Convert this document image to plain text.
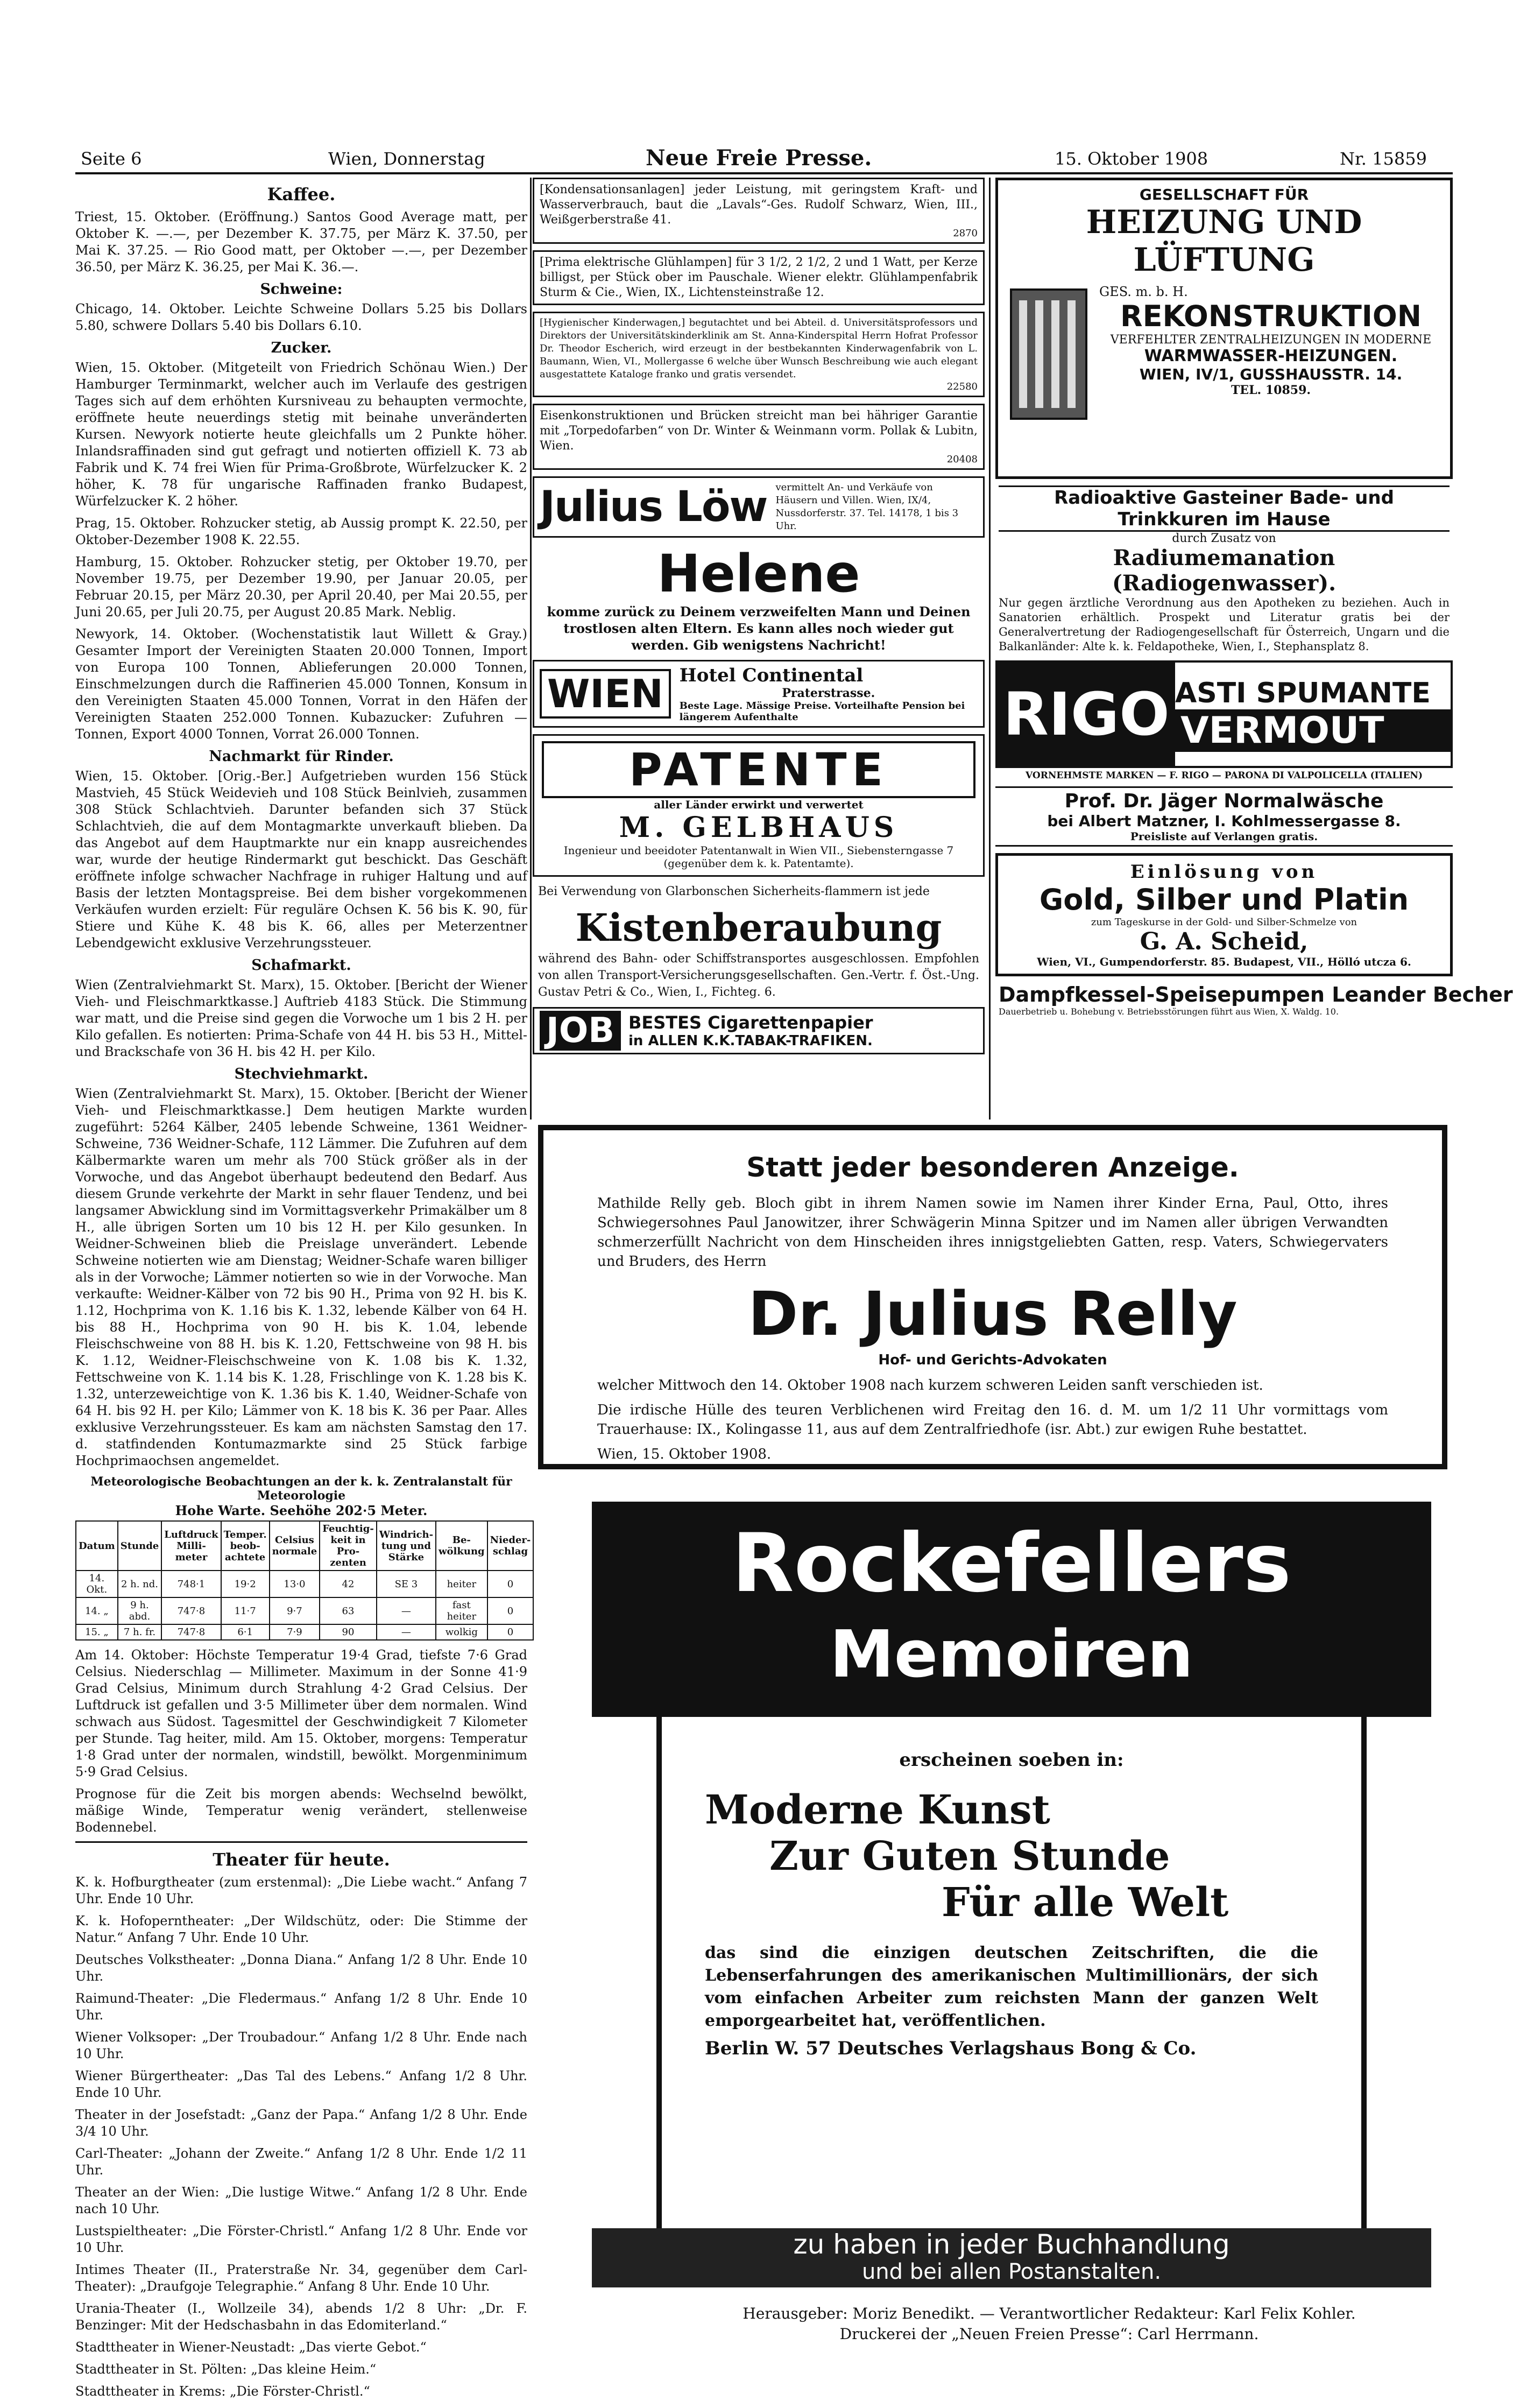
Seite 6	Wien, Donnerstag	Neue Freie Presse.	15. Oktober 1908	Nr. 15859
Kaffee.

Triest, 15. Oktober. (Eröffnung.) Santos Good Average matt, per Oktober K. —.—, per Dezember K. 37.75, per März K. 37.50, per Mai K. 37.25. — Rio Good matt, per Oktober —.—, per Dezember 36.50, per März K. 36.25, per Mai K. 36.—.

Schweine:

Chicago, 14. Oktober. Leichte Schweine Dollars 5.25 bis Dollars 5.80, schwere Dollars 5.40 bis Dollars 6.10.

Zucker.

Wien, 15. Oktober. (Mitgeteilt von Friedrich Schönau Wien.) Der Hamburger Terminmarkt, welcher auch im Verlaufe des gestrigen Tages sich auf dem erhöhten Kursniveau zu behaupten vermochte, eröffnete heute neuerdings stetig mit beinahe unveränderten Kursen. Newyork notierte heute gleichfalls um 2 Punkte höher. Inlandsraffinaden sind gut gefragt und notierten offiziell K. 73 ab Fabrik und K. 74 frei Wien für Prima-Großbrote, Würfelzucker K. 2 höher, K. 78 für ungarische Raffinaden franko Budapest, Würfelzucker K. 2 höher.

Prag, 15. Oktober. Rohzucker stetig, ab Aussig prompt K. 22.50, per Oktober-Dezember 1908 K. 22.55.

Hamburg, 15. Oktober. Rohzucker stetig, per Oktober 19.70, per November 19.75, per Dezember 19.90, per Januar 20.05, per Februar 20.15, per März 20.30, per April 20.40, per Mai 20.55, per Juni 20.65, per Juli 20.75, per August 20.85 Mark. Neblig.

Newyork, 14. Oktober. (Wochenstatistik laut Willett & Gray.) Gesamter Import der Vereinigten Staaten 20.000 Tonnen, Import von Europa 100 Tonnen, Ablieferungen 20.000 Tonnen, Einschmelzungen durch die Raffinerien 45.000 Tonnen, Konsum in den Vereinigten Staaten 45.000 Tonnen, Vorrat in den Häfen der Vereinigten Staaten 252.000 Tonnen. Kubazucker: Zufuhren — Tonnen, Export 4000 Tonnen, Vorrat 26.000 Tonnen.

Nachmarkt für Rinder.

Wien, 15. Oktober. [Orig.-Ber.] Aufgetrieben wurden 156 Stück Mastvieh, 45 Stück Weidevieh und 108 Stück Beinlvieh, zusammen 308 Stück Schlachtvieh. Darunter befanden sich 37 Stück Schlachtvieh, die auf dem Montagmarkte unverkauft blieben. Da das Angebot auf dem Hauptmarkte nur ein knapp ausreichendes war, wurde der heutige Rindermarkt gut beschickt. Das Geschäft eröffnete infolge schwacher Nachfrage in ruhiger Haltung und auf Basis der letzten Montagspreise. Bei dem bisher vorgekommenen Verkäufen wurden erzielt: Für reguläre Ochsen K. 56 bis K. 90, für Stiere und Kühe K. 48 bis K. 66, alles per Meterzentner Lebendgewicht exklusive Verzehrungssteuer.

Schafmarkt.

Wien (Zentralviehmarkt St. Marx), 15. Oktober. [Bericht der Wiener Vieh- und Fleischmarktkasse.] Auftrieb 4183 Stück. Die Stimmung war matt, und die Preise sind gegen die Vorwoche um 1 bis 2 H. per Kilo gefallen. Es notierten: Prima-Schafe von 44 H. bis 53 H., Mittel- und Brackschafe von 36 H. bis 42 H. per Kilo.

Stechviehmarkt.

Wien (Zentralviehmarkt St. Marx), 15. Oktober. [Bericht der Wiener Vieh- und Fleischmarktkasse.] Dem heutigen Markte wurden zugeführt: 5264 Kälber, 2405 lebende Schweine, 1361 Weidner-Schweine, 736 Weidner-Schafe, 112 Lämmer. Die Zufuhren auf dem Kälbermarkte waren um mehr als 700 Stück größer als in der Vorwoche, und das Angebot überhaupt bedeutend den Bedarf. Aus diesem Grunde verkehrte der Markt in sehr flauer Tendenz, und bei langsamer Abwicklung sind im Vormittagsverkehr Primakälber um 8 H., alle übrigen Sorten um 10 bis 12 H. per Kilo gesunken. In Weidner-Schweinen blieb die Preislage unverändert. Lebende Schweine notierten wie am Dienstag; Weidner-Schafe waren billiger als in der Vorwoche; Lämmer notierten so wie in der Vorwoche. Man verkaufte: Weidner-Kälber von 72 bis 90 H., Prima von 92 H. bis K. 1.12, Hochprima von K. 1.16 bis K. 1.32, lebende Kälber von 64 H. bis 88 H., Hochprima von 90 H. bis K. 1.04, lebende Fleischschweine von 88 H. bis K. 1.20, Fettschweine von 98 H. bis K. 1.12, Weidner-Fleischschweine von K. 1.08 bis K. 1.32, Fettschweine von K. 1.14 bis K. 1.28, Frischlinge von K. 1.28 bis K. 1.32, unterzeweichtige von K. 1.36 bis K. 1.40, Weidner-Schafe von 64 H. bis 92 H. per Kilo; Lämmer von K. 18 bis K. 36 per Paar. Alles exklusive Verzehrungssteuer. Es kam am nächsten Samstag den 17. d. statfindenden Kontumazmarkte sind 25 Stück farbige Hochprimaochsen angemeldet.

Meteorologische Beobachtungen an der k. k. Zentralanstalt für Meteorologie
Hohe Warte. Seehöhe 202·5 Meter.
Datum	Stunde	Luftdruck Milli-meter	Temper. beob-achtete	Celsius normale	Feuchtig-keit in Pro-zenten	Windrich-tung und Stärke	Be-wölkung	Nieder-schlag
14. Okt.	2 h. nd.	748·1	19·2	13·0	42	SE 3	heiter	0
14. „	9 h. abd.	747·8	11·7	9·7	63	—	fast heiter	0
15. „	7 h. fr.	747·8	6·1	7·9	90	—	wolkig	0

Am 14. Oktober: Höchste Temperatur 19·4 Grad, tiefste 7·6 Grad Celsius. Niederschlag — Millimeter. Maximum in der Sonne 41·9 Grad Celsius, Minimum durch Strahlung 4·2 Grad Celsius. Der Luftdruck ist gefallen und 3·5 Millimeter über dem normalen. Wind schwach aus Südost. Tagesmittel der Geschwindigkeit 7 Kilometer per Stunde. Tag heiter, mild. Am 15. Oktober, morgens: Temperatur 1·8 Grad unter der normalen, windstill, bewölkt. Morgenminimum 5·9 Grad Celsius.

Prognose für die Zeit bis morgen abends: Wechselnd bewölkt, mäßige Winde, Temperatur wenig verändert, stellenweise Bodennebel.

Theater für heute.

K. k. Hofburgtheater (zum erstenmal): „Die Liebe wacht.“ Anfang 7 Uhr. Ende 10 Uhr.

K. k. Hofoperntheater: „Der Wildschütz, oder: Die Stimme der Natur.“ Anfang 7 Uhr. Ende 10 Uhr.

Deutsches Volkstheater: „Donna Diana.“ Anfang 1/2 8 Uhr. Ende 10 Uhr.

Raimund-Theater: „Die Fledermaus.“ Anfang 1/2 8 Uhr. Ende 10 Uhr.

Wiener Volksoper: „Der Troubadour.“ Anfang 1/2 8 Uhr. Ende nach 10 Uhr.

Wiener Bürgertheater: „Das Tal des Lebens.“ Anfang 1/2 8 Uhr. Ende 10 Uhr.

Theater in der Josefstadt: „Ganz der Papa.“ Anfang 1/2 8 Uhr. Ende 3/4 10 Uhr.

Carl-Theater: „Johann der Zweite.“ Anfang 1/2 8 Uhr. Ende 1/2 11 Uhr.

Theater an der Wien: „Die lustige Witwe.“ Anfang 1/2 8 Uhr. Ende nach 10 Uhr.

Lustspieltheater: „Die Förster-Christl.“ Anfang 1/2 8 Uhr. Ende vor 10 Uhr.

Intimes Theater (II., Praterstraße Nr. 34, gegenüber dem Carl-Theater): „Draufgoje Telegraphie.“ Anfang 8 Uhr. Ende 10 Uhr.

Urania-Theater (I., Wollzeile 34), abends 1/2 8 Uhr: „Dr. F. Benzinger: Mit der Hedschasbahn in das Edomiterland.“

Stadttheater in Wiener-Neustadt: „Das vierte Gebot.“

Stadttheater in St. Pölten: „Das kleine Heim.“

Stadttheater in Krems: „Die Förster-Christl.“

[Kondensationsanlagen] jeder Leistung, mit geringstem Kraft- und Wasserverbrauch, baut die „Lavals“-Ges. Rudolf Schwarz, Wien, III., Weißgerberstraße 41.

2870

[Prima elektrische Glühlampen] für 3 1/2, 2 1/2, 2 und 1 Watt, per Kerze billigst, per Stück ober im Pauschale. Wiener elektr. Glühlampenfabrik Sturm & Cie., Wien, IX., Lichtensteinstraße 12.

[Hygienischer Kinderwagen,] begutachtet und bei Abteil. d. Universitätsprofessors und Direktors der Universitätskinderklinik am St. Anna-Kinderspital Herrn Hofrat Professor Dr. Theodor Escherich, wird erzeugt in der bestbekannten Kinderwagenfabrik von L. Baumann, Wien, VI., Mollergasse 6 welche über Wunsch Beschreibung wie auch elegant ausgestattete Kataloge franko und gratis versendet.

22580

Eisenkonstruktionen und Brücken streicht man bei hähriger Garantie mit „Torpedofarben“ von Dr. Winter & Weinmann vorm. Pollak & Lubitn, Wien.

20408
Julius Löw vermittelt An- und Verkäufe von Häusern und Villen. Wien, IX/4, Nussdorferstr. 37. Tel. 14178, 1 bis 3 Uhr.
Helene

komme zurück zu Deinem verzweifelten Mann und Deinen trostlosen alten Eltern. Es kann alles noch wieder gut werden. Gib wenigstens Nachricht!

WIEN Hotel Continental
Praterstrasse.
Beste Lage. Mässige Preise. Vorteilhafte Pension bei längerem Aufenthalte
PATENTE
aller Länder erwirkt und verwertet
M. GELBHAUS
Ingenieur und beeidoter Patentanwalt in Wien VII., Siebensterngasse 7 (gegenüber dem k. k. Patentamte).

Bei Verwendung von Glarbonschen Sicherheits-flammern ist jede

Kistenberaubung

während des Bahn- oder Schiffstransportes ausgeschlossen. Empfohlen von allen Transport-Versicherungsgesellschaften. Gen.-Vertr. f. Öst.-Ung. Gustav Petri & Co., Wien, I., Fichteg. 6.

JOB BESTES Cigarettenpapier
in ALLEN K.K.TABAK-TRAFIKEN.
GESELLSCHAFT FÜR
HEIZUNG UND LÜFTUNG
GES. m. b. H.
REKONSTRUKTION
VERFEHLTER ZENTRALHEIZUNGEN IN MODERNE
WARMWASSER-HEIZUNGEN.
WIEN, IV/1, GUSSHAUSSTR. 14.
TEL. 10859.
Radioaktive Gasteiner Bade- und Trinkkuren im Hause
durch Zusatz von
Radiumemanation (Radiogenwasser).

Nur gegen ärztliche Verordnung aus den Apotheken zu beziehen. Auch in Sanatorien erhältlich. Prospekt und Literatur gratis bei der Generalvertretung der Radiogengesellschaft für Österreich, Ungarn und die Balkanländer: Alte k. k. Feldapotheke, Wien, I., Stephansplatz 8.

RIGO ASTI SPUMANTE
VERMOUT
VORNEHMSTE MARKEN — F. RIGO — PARONA DI VALPOLICELLA (ITALIEN)
Prof. Dr. Jäger Normalwäsche
bei Albert Matzner, I. Kohlmessergasse 8.
Preisliste auf Verlangen gratis.
Einlösung von
Gold, Silber und Platin
zum Tageskurse in der Gold- und Silber-Schmelze von
G. A. Scheid,
Wien, VI., Gumpendorferstr. 85. Budapest, VII., Hölló utcza 6.
Dampfkessel-Speisepumpen Leander Becher
Dauerbetrieb u. Bohebung v. Betriebsstörungen führt aus Wien, X. Waldg. 10.
Statt jeder besonderen Anzeige.

Mathilde Relly geb. Bloch gibt in ihrem Namen sowie im Namen ihrer Kinder Erna, Paul, Otto, ihres Schwiegersohnes Paul Janowitzer, ihrer Schwägerin Minna Spitzer und im Namen aller übrigen Verwandten schmerzerfüllt Nachricht von dem Hinscheiden ihres innigstgeliebten Gatten, resp. Vaters, Schwiegervaters und Bruders, des Herrn

Dr. Julius Relly
Hof- und Gerichts-Advokaten

welcher Mittwoch den 14. Oktober 1908 nach kurzem schweren Leiden sanft verschieden ist.

Die irdische Hülle des teuren Verblichenen wird Freitag den 16. d. M. um 1/2 11 Uhr vormittags vom Trauerhause: IX., Kolingasse 11, aus auf dem Zentralfriedhofe (isr. Abt.) zur ewigen Ruhe bestattet.

Wien, 15. Oktober 1908.

Rockefellers
Memoiren
erscheinen soeben in:
Moderne Kunst
Zur Guten Stunde
Für alle Welt

das sind die einzigen deutschen Zeitschriften, die die Lebenserfahrungen des amerikanischen Multimillionärs, der sich vom einfachen Arbeiter zum reichsten Mann der ganzen Welt emporgearbeitet hat, veröffentlichen.

Berlin W. 57 Deutsches Verlagshaus Bong & Co.
zu haben in jeder Buchhandlung
und bei allen Postanstalten.
Herausgeber: Moriz Benedikt. — Verantwortlicher Redakteur: Karl Felix Kohler.
Druckerei der „Neuen Freien Presse“: Carl Herrmann.
